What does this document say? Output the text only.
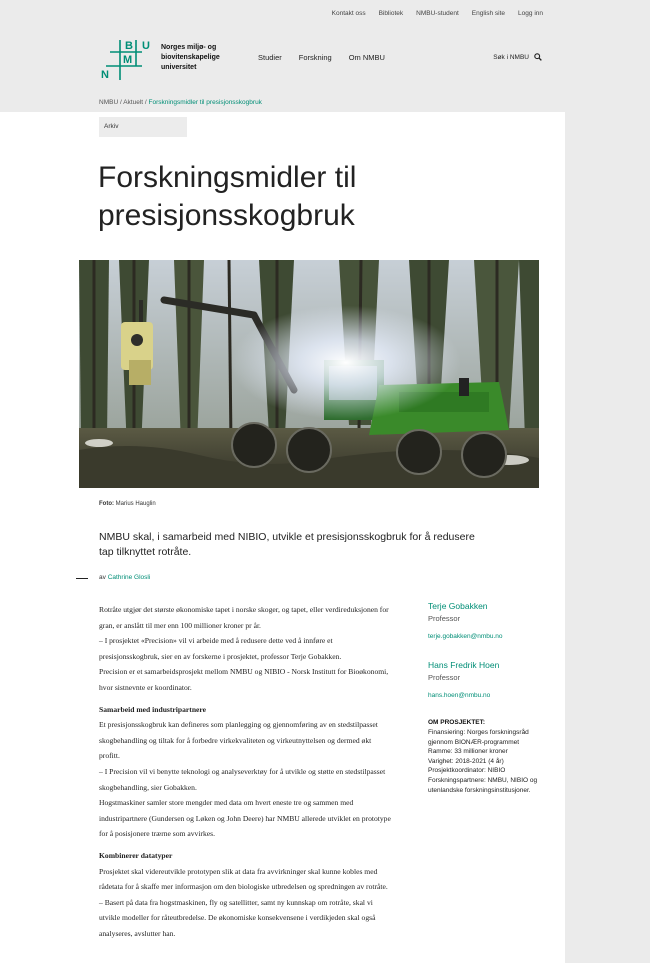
Kontakt oss Bibliotek NMBU-student English site Logg inn
N
M
B U Norges miljø- og biovitenskapelige universitet
Studier Forskning Om NMBU	Søk i NMBU
NMBU / Aktuelt / Forskningsmidler til presisjonsskogbruk
Arkiv
Forskningsmidler til
presisjonsskogbruk
Foto: Marius Hauglin
NMBU skal, i samarbeid med NIBIO, utvikle et presisjonsskogbruk for å redusere tap tilknyttet rotråte.
av Cathrine Glosli

Rotråte utgjør det største økonomiske tapet i norske skoger, og tapet, eller verdireduksjonen for gran, er anslått til mer enn 100 millioner kroner pr år.

– I prosjektet «Precision» vil vi arbeide med å redusere dette ved å innføre et presisjonsskogbruk, sier en av forskerne i prosjektet, professor Terje Gobakken.

Precision er et samarbeidsprosjekt mellom NMBU og NIBIO - Norsk Institutt for Bioøkonomi, hvor sistnevnte er koordinator.

Samarbeid med industripartnere

Et presisjonsskogbruk kan defineres som planlegging og gjennomføring av en stedstilpasset skogbehandling og tiltak for å forbedre virkekvaliteten og virkeutnyttelsen og dermed økt profitt.

– I Precision vil vi benytte teknologi og analyseverktøy for å utvikle og støtte en stedstilpasset skogbehandling, sier Gobakken.

Hogstmaskiner samler store mengder med data om hvert eneste tre og sammen med industripartnere (Gundersen og Løken og John Deere) har NMBU allerede utviklet en prototype for å posisjonere trærne som avvirkes.

Kombinerer datatyper

Prosjektet skal videreutvikle prototypen slik at data fra avvirkninger skal kunne kobles med rådetata for å skaffe mer informasjon om den biologiske utbredelsen og spredningen av rotråte.

– Basert på data fra hogstmaskinen, fly og satellitter, samt ny kunnskap om rotråte, skal vi utvikle modeller for råteutbredelse. De økonomiske konsekvensene i verdikjeden skal også analyseres, avslutter han.

Terje Gobakken
Professor
terje.gobakken@nmbu.no
Hans Fredrik Hoen
Professor
hans.hoen@nmbu.no
OM PROSJEKTET:
Finansiering: Norges forskningsråd gjennom BIONÆR-programmet
Ramme: 33 millioner kroner
Varighet: 2018-2021 (4 år)
Prosjektkoordinator: NIBIO
Forskningspartnere: NMBU, NIBIO og utenlandske forskningsinstitusjoner.
